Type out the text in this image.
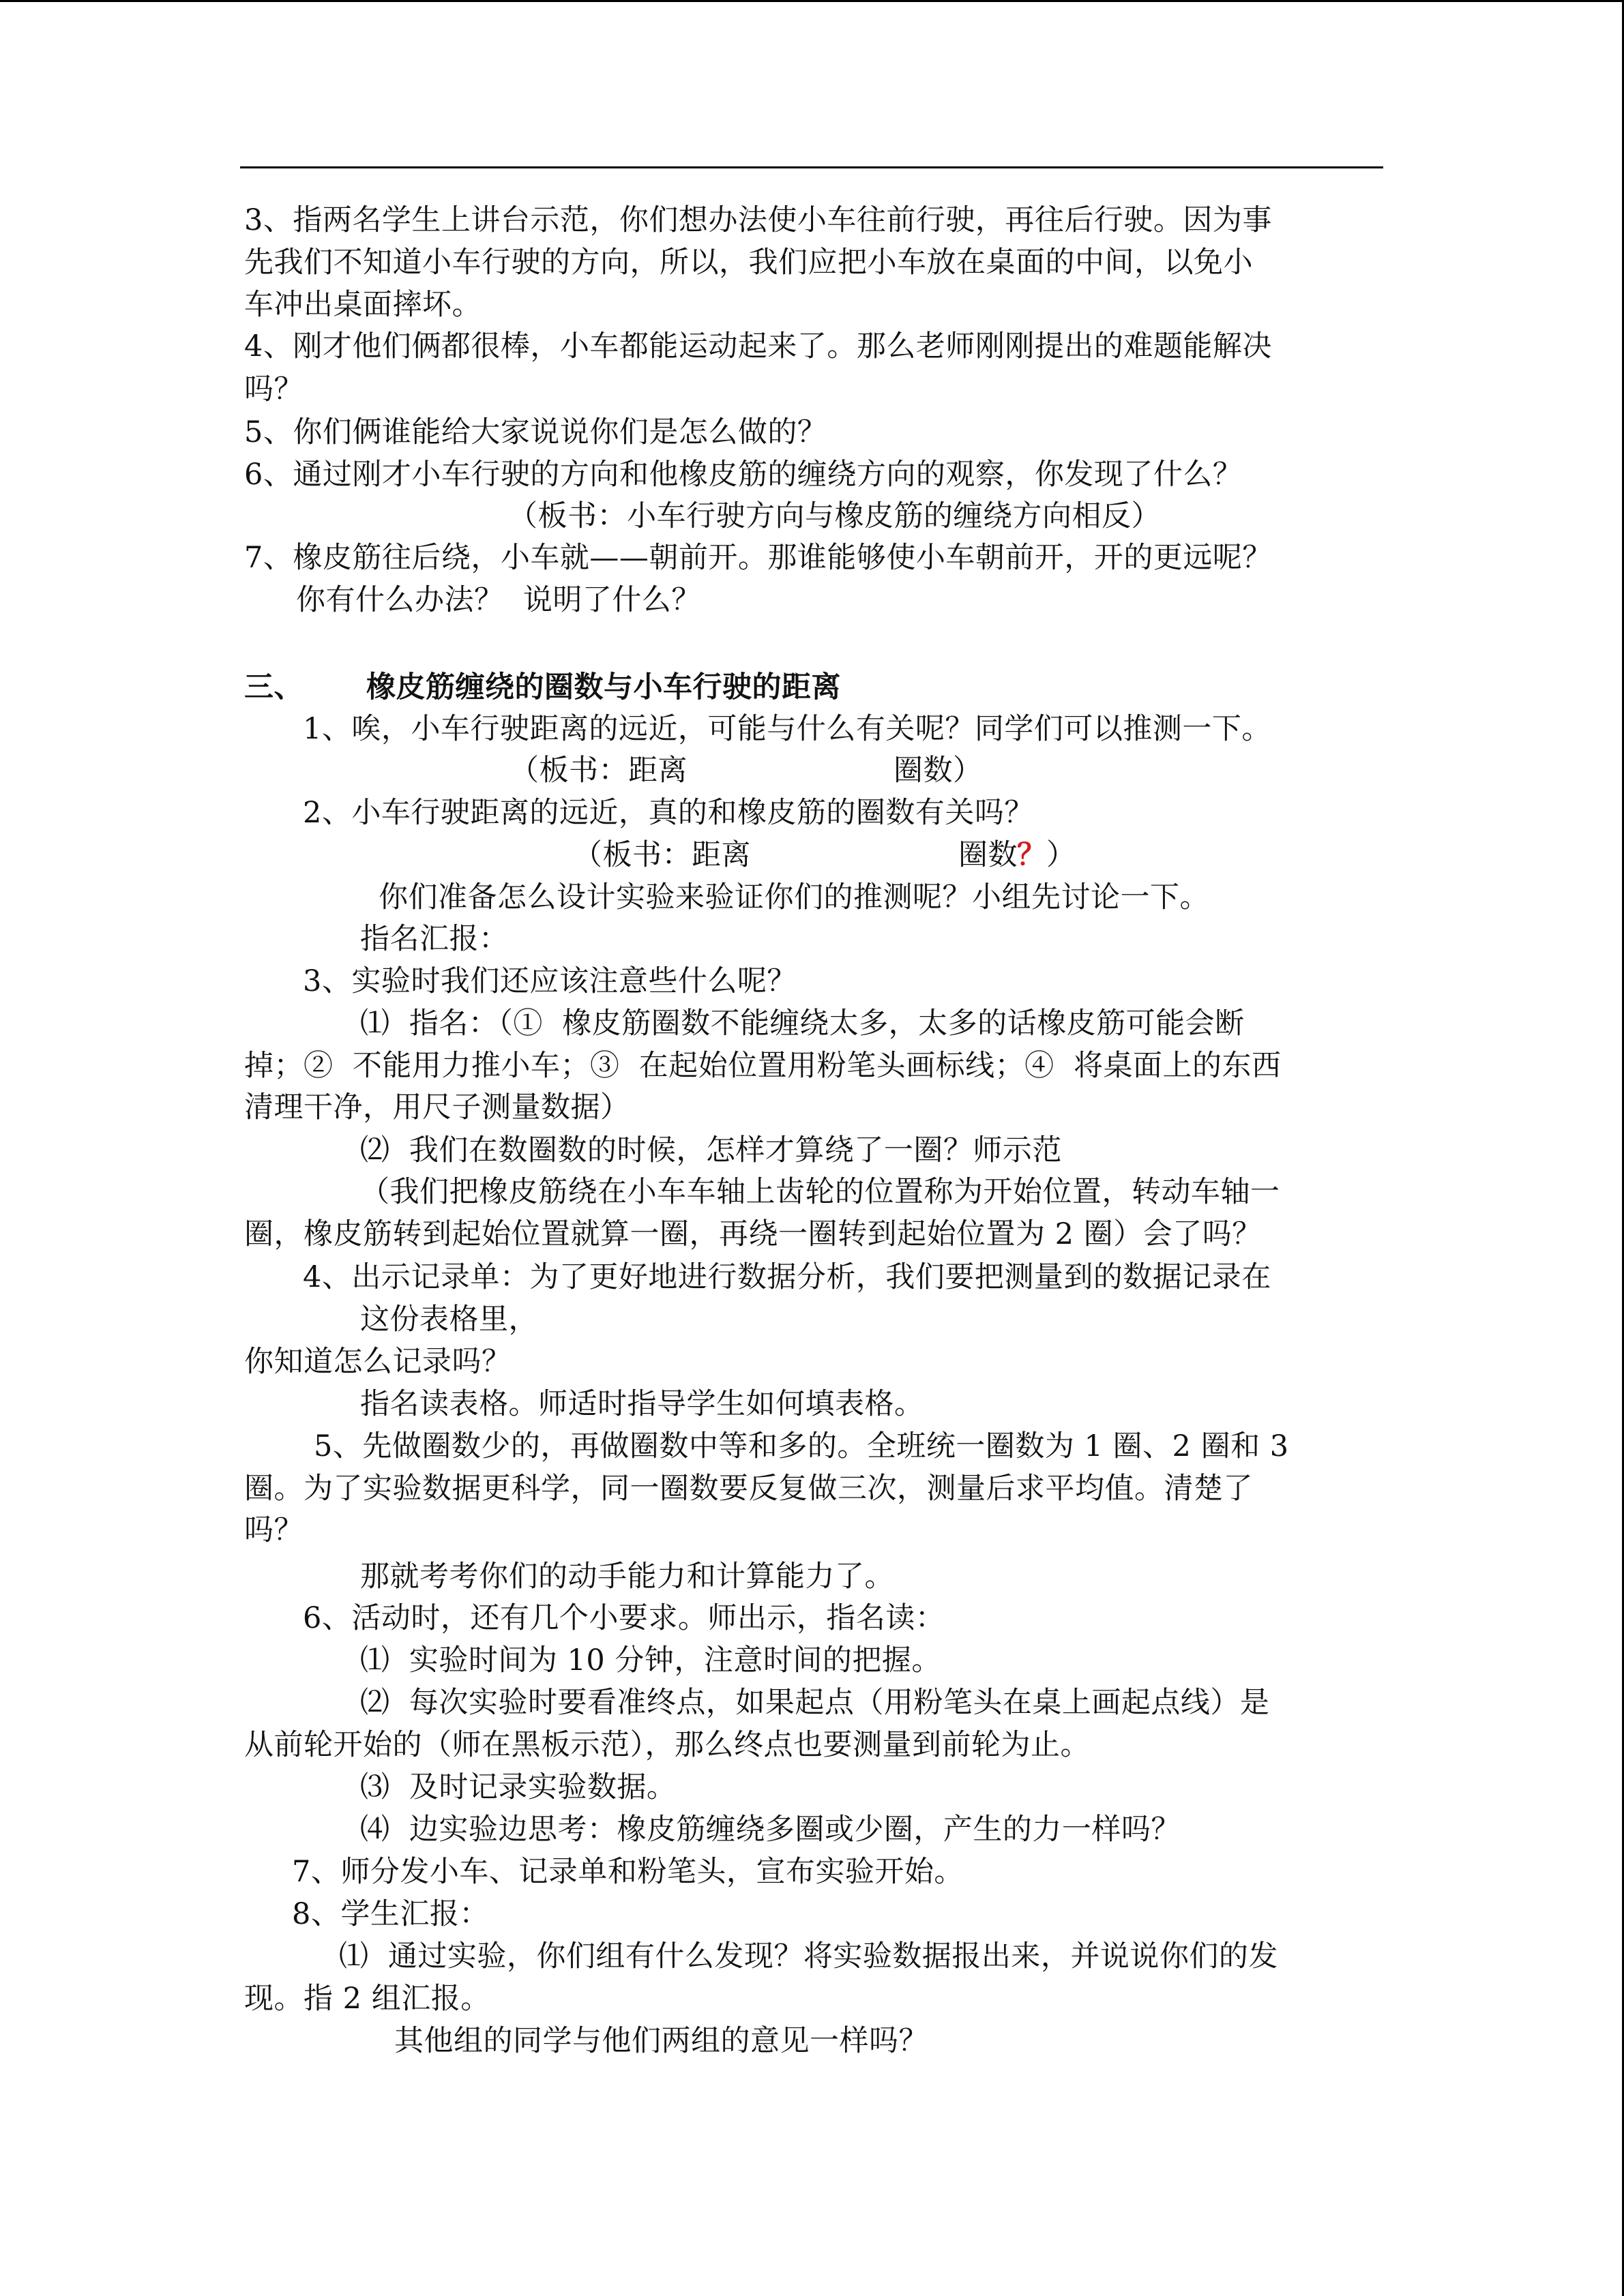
3、指两名学生上讲台示范，你们想办法使小车往前行驶，再往后行驶。因为事
先我们不知道小车行驶的方向，所以，我们应把小车放在桌面的中间，以免小
车冲出桌面摔坏。
4、刚才他们俩都很棒，小车都能运动起来了。那么老师刚刚提出的难题能解决
吗？
5、你们俩谁能给大家说说你们是怎么做的？
6、通过刚才小车行驶的方向和他橡皮筋的缠绕方向的观察，你发现了什么？
（板书：小车行驶方向与橡皮筋的缠绕方向相反）
7、橡皮筋往后绕，小车就——朝前开。那谁能够使小车朝前开，开的更远呢？
你有什么办法？  说明了什么？
三、 橡皮筋缠绕的圈数与小车行驶的距离
1、唉，小车行驶距离的远近，可能与什么有关呢？同学们可以推测一下。
（板书：距离	圈数）
2、小车行驶距离的远近，真的和橡皮筋的圈数有关吗？
（板书：距离	圈数 ？ ）
你们准备怎么设计实验来验证你们的推测呢？小组先讨论一下。
指名汇报：
3、实验时我们还应该注意些什么呢？
⑴  指名：（①  橡皮筋圈数不能缠绕太多，太多的话橡皮筋可能会断
掉；②  不能用力推小车；③  在起始位置用粉笔头画标线；④  将桌面上的东西
清理干净，用尺子测量数据）
⑵  我们在数圈数的时候，怎样才算绕了一圈？师示范
（我们把橡皮筋绕在小车车轴上齿轮的位置称为开始位置，转动车轴一
圈，橡皮筋转到起始位置就算一圈，再绕一圈转到起始位置为 2 圈）会了吗？
4、出示记录单：为了更好地进行数据分析，我们要把测量到的数据记录在
这份表格里，
你知道怎么记录吗？
指名读表格。师适时指导学生如何填表格。
5、先做圈数少的，再做圈数中等和多的。全班统一圈数为 1 圈、2 圈和 3
圈。为了实验数据更科学，同一圈数要反复做三次，测量后求平均值。清楚了
吗？
那就考考你们的动手能力和计算能力了。
6、活动时，还有几个小要求。师出示，指名读：
⑴  实验时间为 10 分钟，注意时间的把握。
⑵  每次实验时要看准终点，如果起点（用粉笔头在桌上画起点线）是
从前轮开始的（师在黑板示范），那么终点也要测量到前轮为止。
⑶  及时记录实验数据。
⑷  边实验边思考：橡皮筋缠绕多圈或少圈，产生的力一样吗？
7、师分发小车、记录单和粉笔头，宣布实验开始。
8、学生汇报：
⑴  通过实验，你们组有什么发现？将实验数据报出来，并说说你们的发
现。指 2 组汇报。
其他组的同学与他们两组的意见一样吗？
